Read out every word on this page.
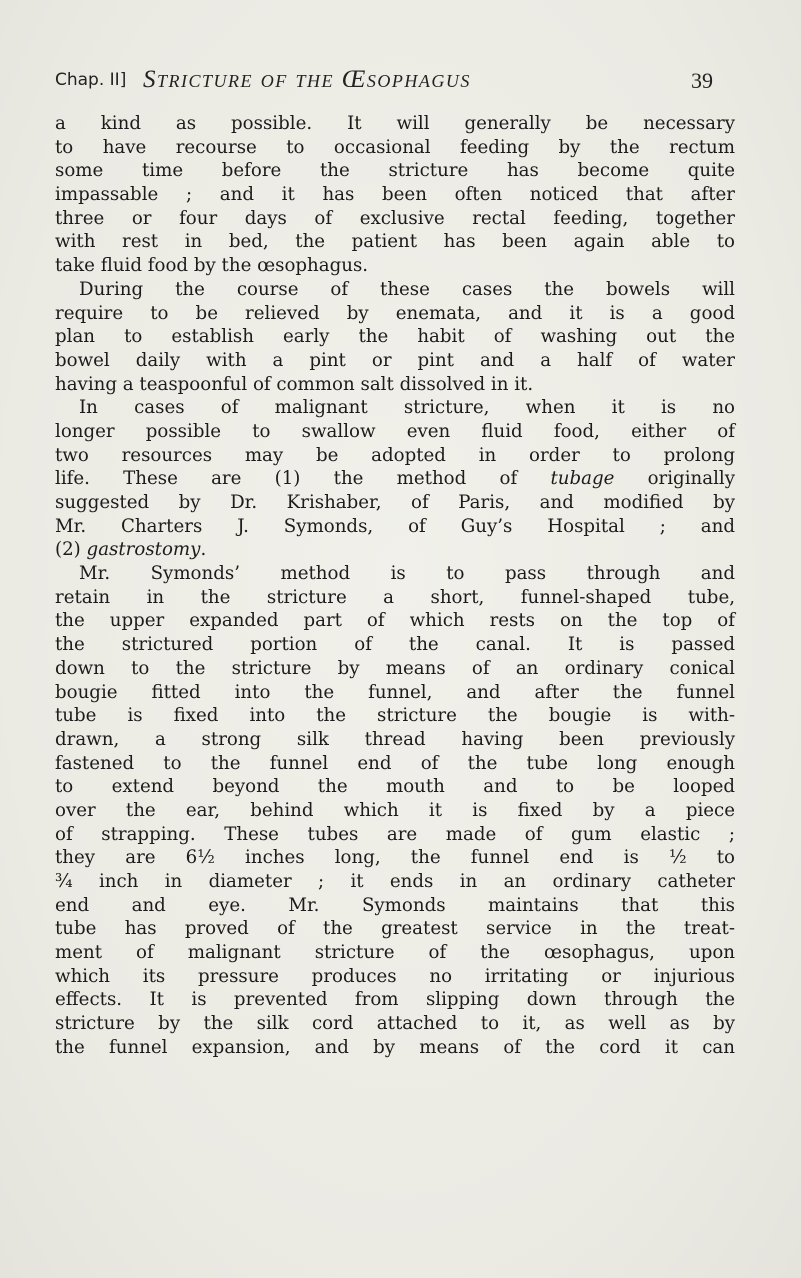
Chap. II] Stricture of the Œsophagus	39
a kind as possible. It will generally be necessary
to have recourse to occasional feeding by the rectum
some time before the stricture has become quite
impassable ; and it has been often noticed that after
three or four days of exclusive rectal feeding, together
with rest in bed, the patient has been again able to
take fluid food by the œsophagus.
During the course of these cases the bowels will
require to be relieved by enemata, and it is a good
plan to establish early the habit of washing out the
bowel daily with a pint or pint and a half of water
having a teaspoonful of common salt dissolved in it.
In cases of malignant stricture, when it is no
longer possible to swallow even fluid food, either of
two resources may be adopted in order to prolong
life. These are (1) the method of tubage originally
suggested by Dr. Krishaber, of Paris, and modified by
Mr. Charters J. Symonds, of Guy’s Hospital ; and
(2) gastrostomy.
Mr. Symonds’ method is to pass through and
retain in the stricture a short, funnel-shaped tube,
the upper expanded part of which rests on the top of
the strictured portion of the canal. It is passed
down to the stricture by means of an ordinary conical
bougie fitted into the funnel, and after the funnel
tube is fixed into the stricture the bougie is with-
drawn, a strong silk thread having been previously
fastened to the funnel end of the tube long enough
to extend beyond the mouth and to be looped
over the ear, behind which it is fixed by a piece
of strapping. These tubes are made of gum elastic ;
they are 6½ inches long, the funnel end is ½ to
¾ inch in diameter ; it ends in an ordinary catheter
end and eye. Mr. Symonds maintains that this
tube has proved of the greatest service in the treat-
ment of malignant stricture of the œsophagus, upon
which its pressure produces no irritating or injurious
effects. It is prevented from slipping down through the
stricture by the silk cord attached to it, as well as by
the funnel expansion, and by means of the cord it can
